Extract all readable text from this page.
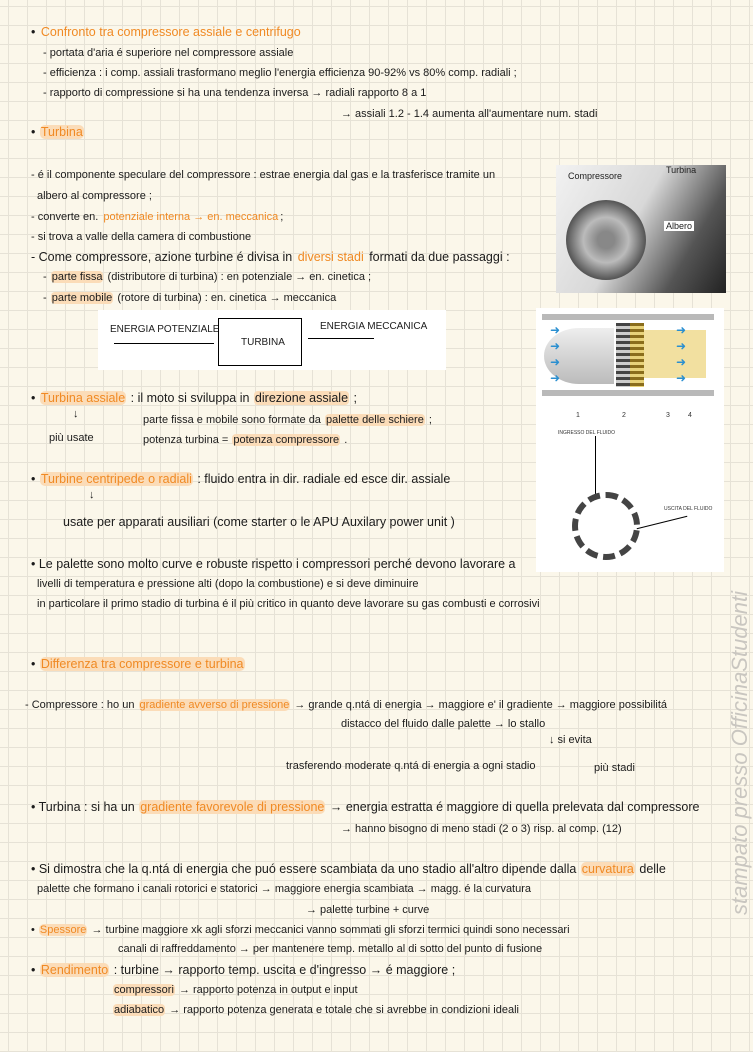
• Confronto tra compressore assiale e centrifugo
- portata d'aria é superiore nel compressore assiale
- efficienza : i comp. assiali trasformano meglio l'energia efficienza 90-92% vs 80% comp. radiali ;
- rapporto di compressione si ha una tendenza inversa → radiali rapporto 8 a 1
→ assiali 1.2 - 1.4 aumenta all'aumentare num. stadi
• Turbina
- é il componente speculare del compressore : estrae energia dal gas e la trasferisce tramite un
albero al compressore ;
- converte en. potenziale interna → en. meccanica ;
- si trova a valle della camera di combustione
- Come compressore, azione turbine é divisa in diversi stadi formati da due passaggi :
- parte fissa (distributore di turbina) : en potenziale → en. cinetica ;
- parte mobile (rotore di turbina) : en. cinetica → meccanica
• Turbina assiale : il moto si sviluppa in direzione assiale ;
↓	parte fissa e mobile sono formate da palette delle schiere ;
più usate	potenza turbina = potenza compressore .
• Turbine centripede o radiali : fluido entra in dir. radiale ed esce dir. assiale
↓
usate per apparati ausiliari (come starter o le APU Auxilary power unit )
• Le palette sono molto curve e robuste rispetto i compressori perché devono lavorare a
livelli di temperatura e pressione alti (dopo la combustione) e si deve diminuire
in particolare il primo stadio di turbina é il più critico in quanto deve lavorare su gas combusti e corrosivi
• Differenza tra compressore e turbina
- Compressore : ho un gradiente avverso di pressione → grande q.ntá di energia → maggiore e' il gradiente → maggiore possibilitá
distacco del fluido dalle palette → lo stallo
↓ si evita
trasferendo moderate q.ntá di energia a ogni stadio	più stadi
• Turbina : si ha un gradiente favorevole di pressione → energia estratta é maggiore di quella prelevata dal compressore
→ hanno bisogno di meno stadi (2 o 3) risp. al comp. (12)
• Si dimostra che la q.ntá di energia che puó essere scambiata da uno stadio all'altro dipende dalla curvatura delle
palette che formano i canali rotorici e statorici → maggiore energia scambiata → magg. é la curvatura
→ palette turbine + curve
• Spessore → turbine maggiore xk agli sforzi meccanici vanno sommati gli sforzi termici quindi sono necessari
canali di raffreddamento → per mantenere temp. metallo al di sotto del punto di fusione
• Rendimento : turbine → rapporto temp. uscita e d'ingresso → é maggiore ;
compressori → rapporto potenza in output e input
adiabatico → rapporto potenza generata e totale che si avrebbe in condizioni ideali
ENERGIA POTENZIALE
TURBINA
ENERGIA MECCANICA
Compressore
Turbina
Albero
➜
➜
➜
➜
➜
➜
➜
➜
1	2	3	4
INGRESSO DEL FLUIDO
USCITA DEL FLUIDO
stampato presso OfficinaStudenti
